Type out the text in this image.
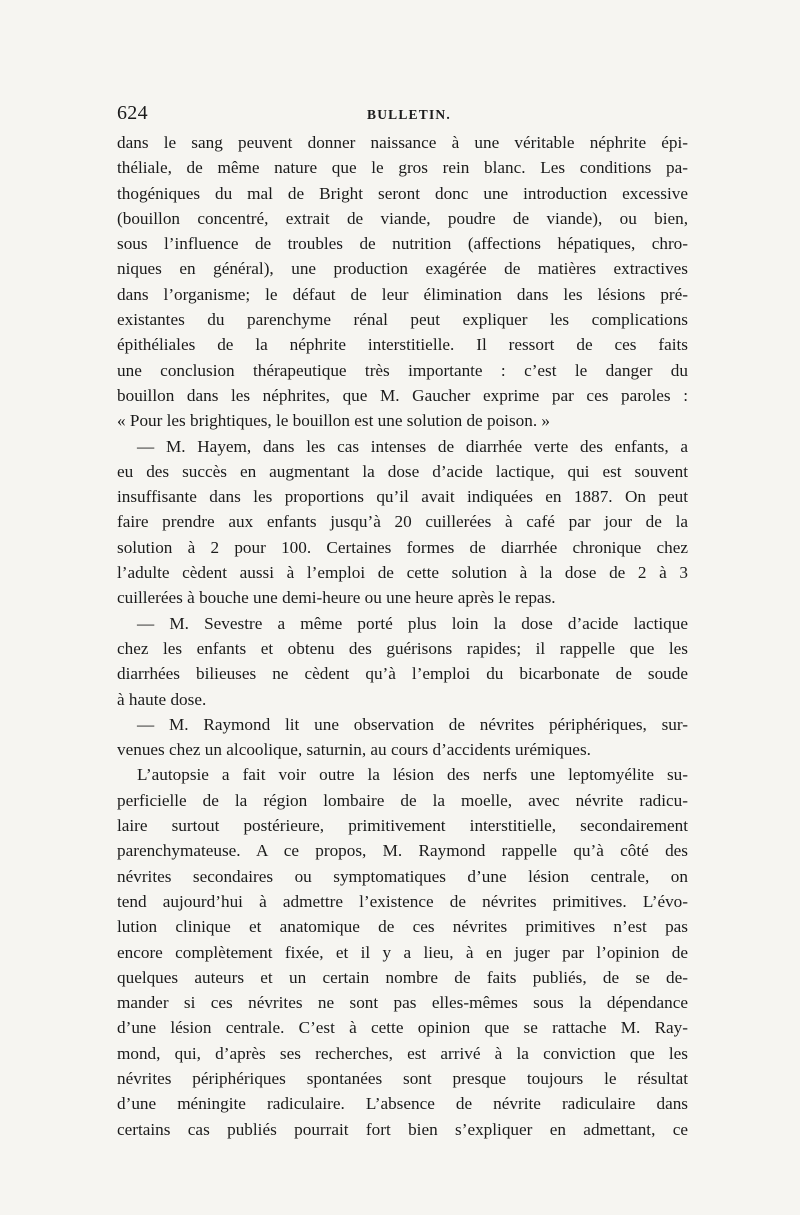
624	BULLETIN.
dans le sang peuvent donner naissance à une véritable néphrite épi-
théliale, de même nature que le gros rein blanc. Les conditions pa-
thogéniques du mal de Bright seront donc une introduction excessive
(bouillon concentré, extrait de viande, poudre de viande), ou bien,
sous l’influence de troubles de nutrition (affections hépatiques, chro-
niques en général), une production exagérée de matières extractives
dans l’organisme; le défaut de leur élimination dans les lésions pré-
existantes du parenchyme rénal peut expliquer les complications
épithéliales de la néphrite interstitielle. Il ressort de ces faits
une conclusion thérapeutique très importante : c’est le danger du
bouillon dans les néphrites, que M. Gaucher exprime par ces paroles :
« Pour les brightiques, le bouillon est une solution de poison. »
— M. Hayem, dans les cas intenses de diarrhée verte des enfants, a
eu des succès en augmentant la dose d’acide lactique, qui est souvent
insuffisante dans les proportions qu’il avait indiquées en 1887. On peut
faire prendre aux enfants jusqu’à 20 cuillerées à café par jour de la
solution à 2 pour 100. Certaines formes de diarrhée chronique chez
l’adulte cèdent aussi à l’emploi de cette solution à la dose de 2 à 3
cuillerées à bouche une demi-heure ou une heure après le repas.
— M. Sevestre a même porté plus loin la dose d’acide lactique
chez les enfants et obtenu des guérisons rapides; il rappelle que les
diarrhées bilieuses ne cèdent qu’à l’emploi du bicarbonate de soude
à haute dose.
— M. Raymond lit une observation de névrites périphériques, sur-
venues chez un alcoolique, saturnin, au cours d’accidents urémiques.
L’autopsie a fait voir outre la lésion des nerfs une leptomyélite su-
perficielle de la région lombaire de la moelle, avec névrite radicu-
laire surtout postérieure, primitivement interstitielle, secondairement
parenchymateuse. A ce propos, M. Raymond rappelle qu’à côté des
névrites secondaires ou symptomatiques d’une lésion centrale, on
tend aujourd’hui à admettre l’existence de névrites primitives. L’évo-
lution clinique et anatomique de ces névrites primitives n’est pas
encore complètement fixée, et il y a lieu, à en juger par l’opinion de
quelques auteurs et un certain nombre de faits publiés, de se de-
mander si ces névrites ne sont pas elles-mêmes sous la dépendance
d’une lésion centrale. C’est à cette opinion que se rattache M. Ray-
mond, qui, d’après ses recherches, est arrivé à la conviction que les
névrites périphériques spontanées sont presque toujours le résultat
d’une méningite radiculaire. L’absence de névrite radiculaire dans
certains cas publiés pourrait fort bien s’expliquer en admettant, ce
